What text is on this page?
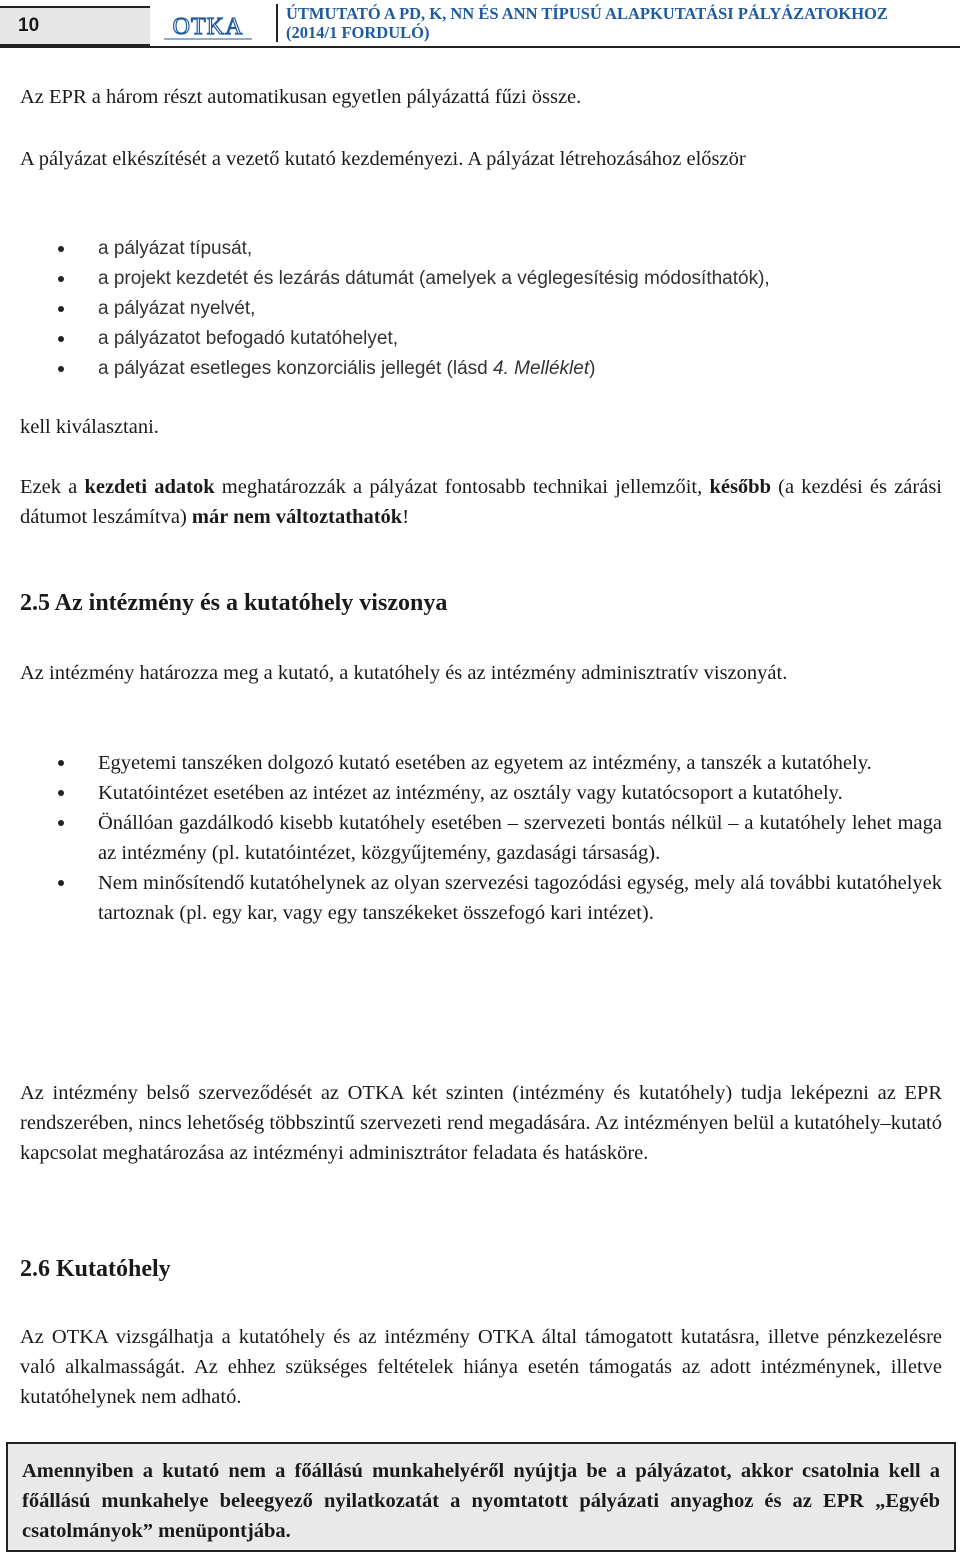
10	OTKA
ÚTMUTATÓ A PD, K, NN ÉS ANN TÍPUSÚ ALAPKUTATÁSI PÁLYÁZATOKHOZ
(2014/1 FORDULÓ)

Az EPR a három részt automatikusan egyetlen pályázattá fűzi össze.

A pályázat elkészítését a vezető kutató kezdeményezi. A pályázat létrehozásához először

a pályázat típusát,
a projekt kezdetét és lezárás dátumát (amelyek a véglegesítésig módosíthatók),
a pályázat nyelvét,
a pályázatot befogadó kutatóhelyet,
a pályázat esetleges konzorciális jellegét (lásd 4. Melléklet)

kell kiválasztani.

Ezek a kezdeti adatok meghatározzák a pályázat fontosabb technikai jellemzőit, később (a kezdési és zárási dátumot leszámítva) már nem változtathatók!

2.5 Az intézmény és a kutatóhely viszonya

Az intézmény határozza meg a kutató, a kutatóhely és az intézmény adminisztratív viszonyát.

Egyetemi tanszéken dolgozó kutató esetében az egyetem az intézmény, a tanszék a kutatóhely.
Kutatóintézet esetében az intézet az intézmény, az osztály vagy kutatócsoport a kutatóhely.
Önállóan gazdálkodó kisebb kutatóhely esetében – szervezeti bontás nélkül – a kutatóhely lehet maga az intézmény (pl. kutatóintézet, közgyűjtemény, gazdasági társaság).
Nem minősítendő kutatóhelynek az olyan szervezési tagozódási egység, mely alá további kutatóhelyek tartoznak (pl. egy kar, vagy egy tanszékeket összefogó kari intézet).

Az intézmény belső szerveződését az OTKA két szinten (intézmény és kutatóhely) tudja leképezni az EPR rendszerében, nincs lehetőség többszintű szervezeti rend megadására. Az intézményen belül a kutatóhely–kutató kapcsolat meghatározása az intézményi adminisztrátor feladata és hatásköre.

2.6 Kutatóhely

Az OTKA vizsgálhatja a kutatóhely és az intézmény OTKA által támogatott kutatásra, illetve pénzkezelésre való alkalmasságát. Az ehhez szükséges feltételek hiánya esetén támogatás az adott intézménynek, illetve kutatóhelynek nem adható.

Amennyiben a kutató nem a főállású munkahelyéről nyújtja be a pályázatot, akkor csatolnia kell a főállású munkahelye beleegyező nyilatkozatát a nyomtatott pályázati anyaghoz és az EPR „Egyéb csatolmányok” menüpontjába.
